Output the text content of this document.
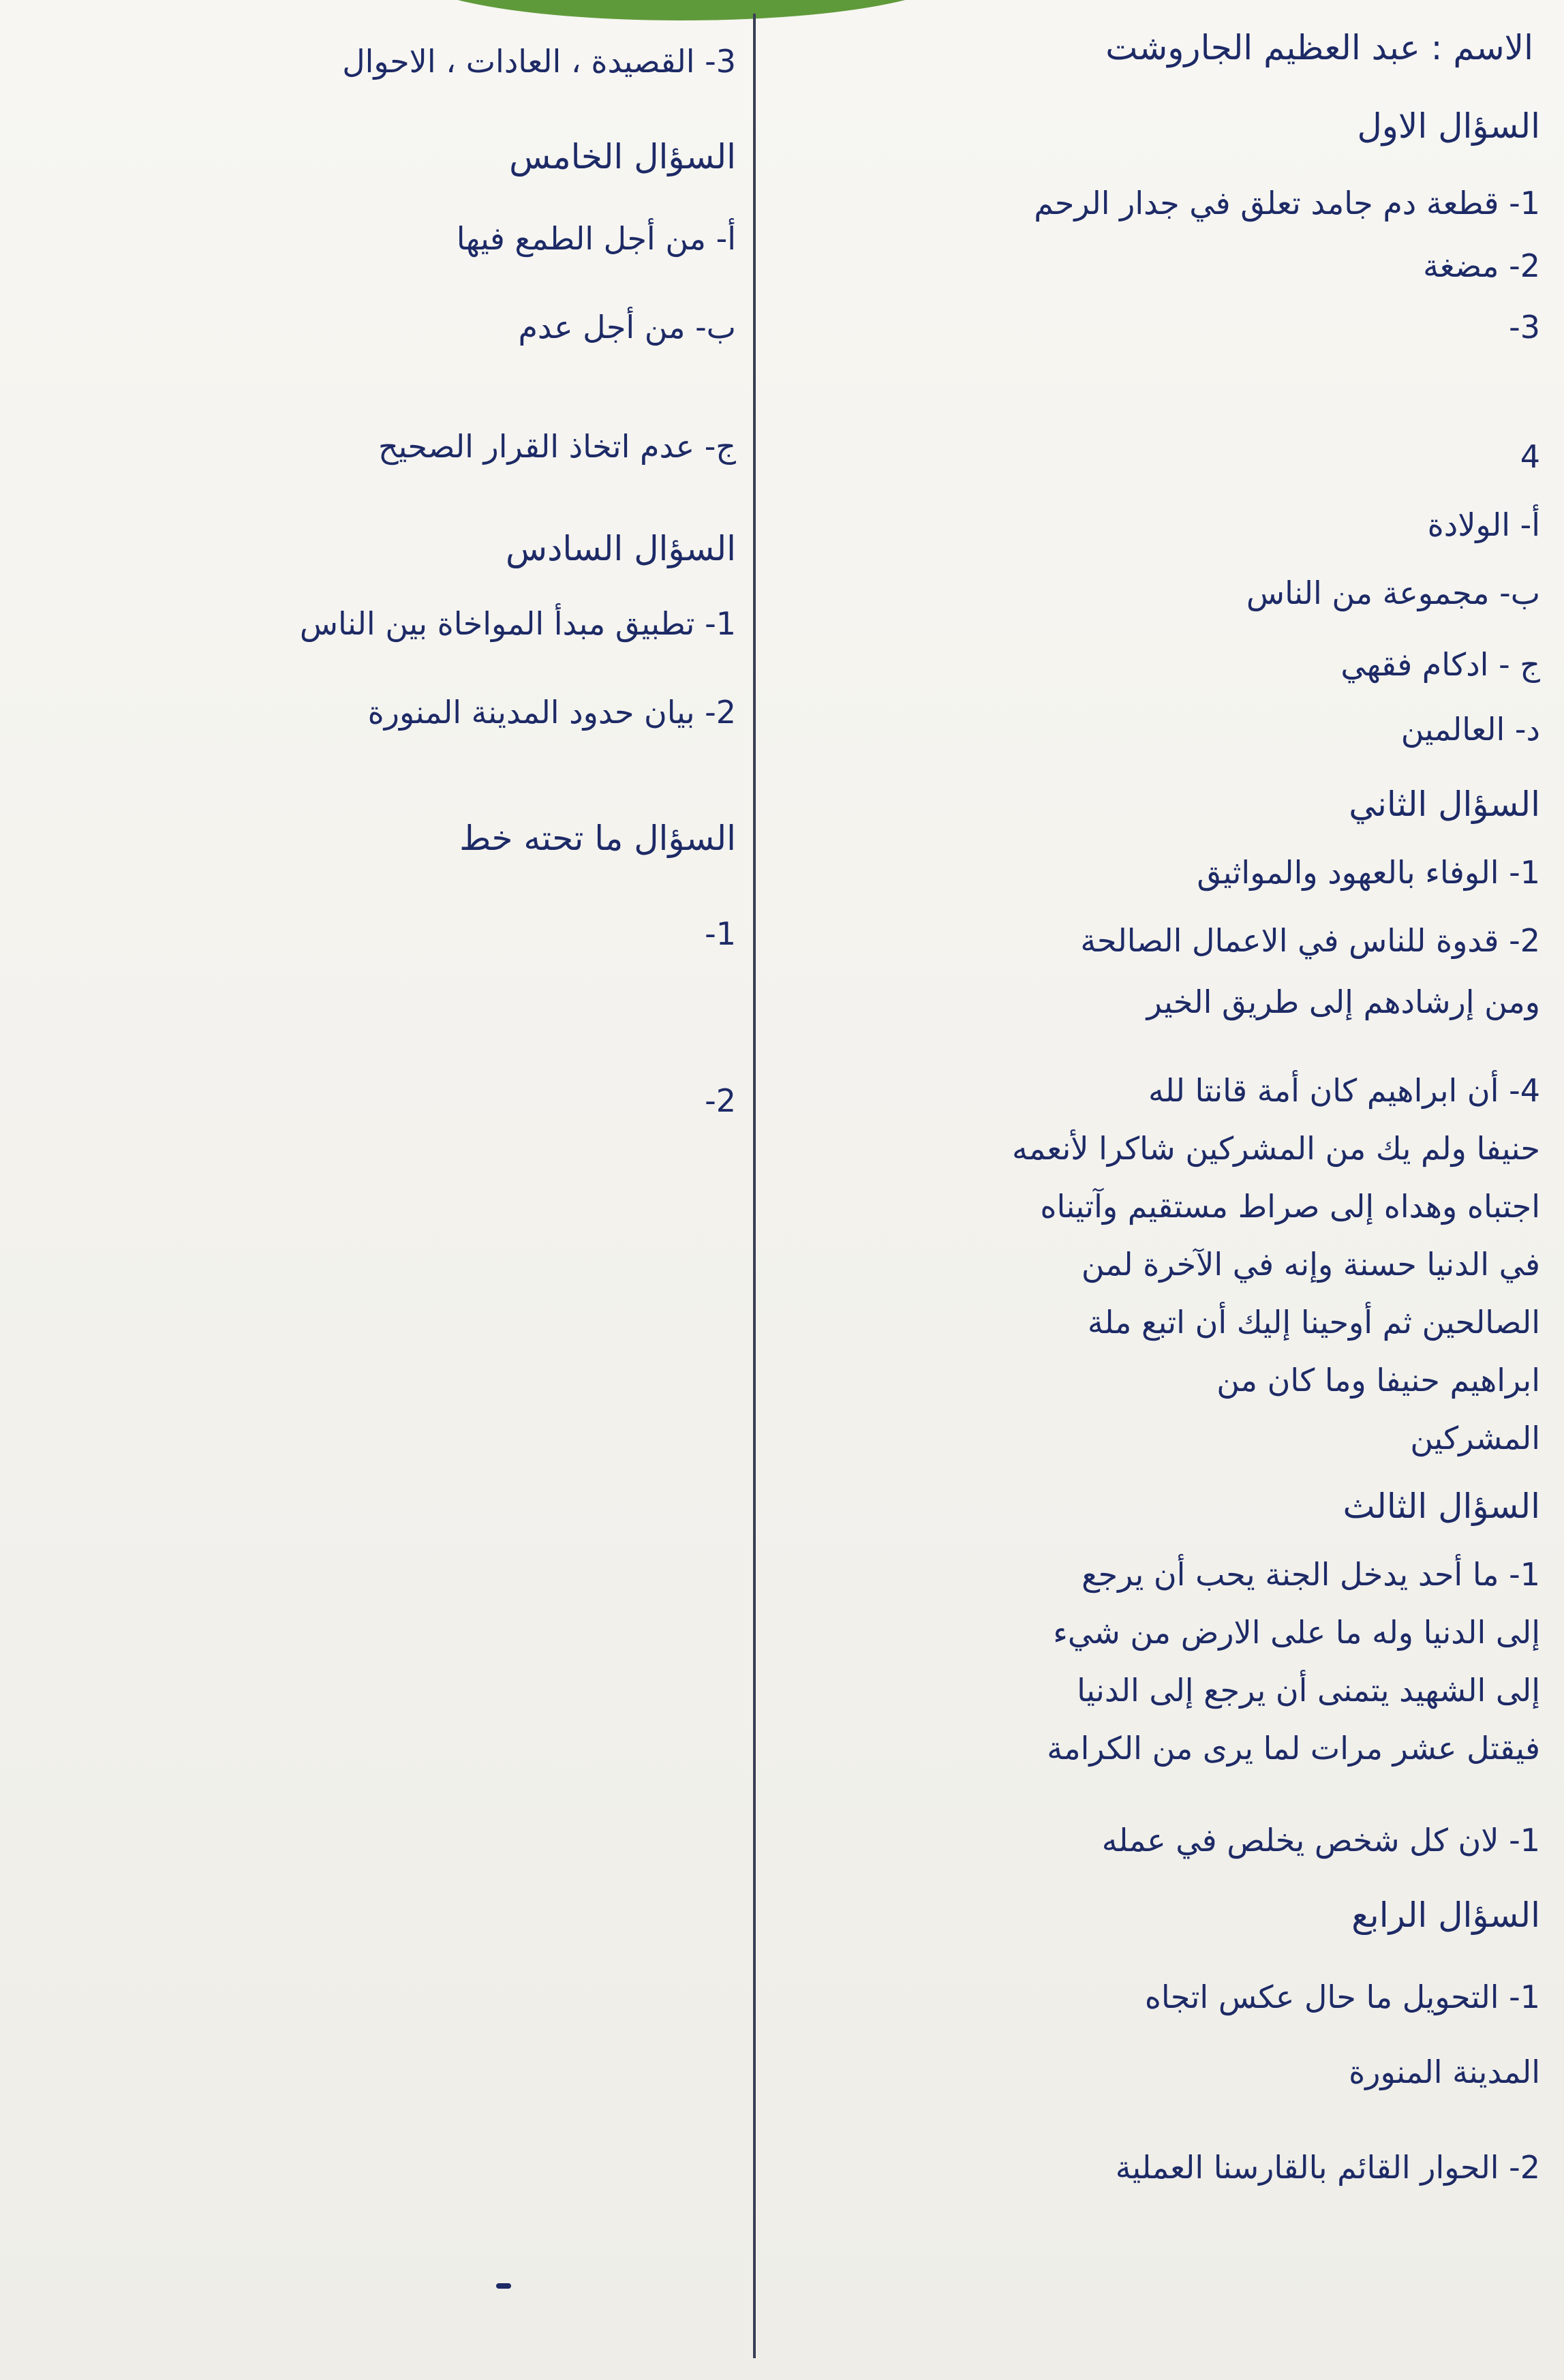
الاسم : عبد العظيم الجاروشت
السؤال الاول
1- قطعة دم جامد تعلق في جدار الرحم
2- مضغة
3-
4
أ- الولادة
ب- مجموعة من الناس
ج - ادكام فقهي
د- العالمين
السؤال الثاني
1- الوفاء بالعهود والمواثيق
2- قدوة للناس في الاعمال الصالحة
ومن إرشادهم إلى طريق الخير
4- أن ابراهيم كان أمة قانتا لله
حنيفا ولم يك من المشركين شاكرا لأنعمه
اجتباه وهداه إلى صراط مستقيم وآتيناه
في الدنيا حسنة وإنه في الآخرة لمن
الصالحين ثم أوحينا إليك أن اتبع ملة
ابراهيم حنيفا وما كان من
المشركين
السؤال الثالث
1- ما أحد يدخل الجنة يحب أن يرجع
إلى الدنيا وله ما على الارض من شيء
إلى الشهيد يتمنى أن يرجع إلى الدنيا
فيقتل عشر مرات لما يرى من الكرامة
1- لان كل شخص يخلص في عمله
السؤال الرابع
1- التحويل ما حال عكس اتجاه
المدينة المنورة
2- الحوار القائم بالقارسنا العملية
3- القصيدة ، العادات ، الاحوال
السؤال الخامس
أ- من أجل الطمع فيها
ب- من أجل عدم
ج- عدم اتخاذ القرار الصحيح
السؤال السادس
1- تطبيق مبدأ المواخاة بين الناس
2- بيان حدود المدينة المنورة
السؤال ما تحته خط
1-
2-
